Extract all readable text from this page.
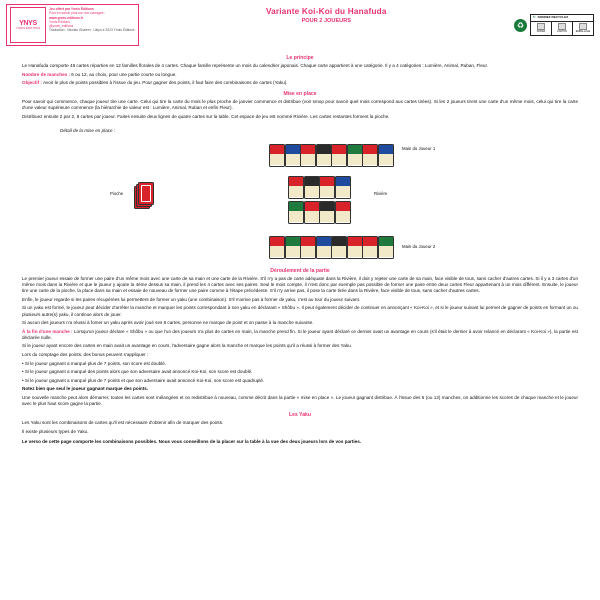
YNYS
YNNIS ÉDITIONS
Jeu offert par Ynnis Éditions
Pour en savoir plus sur nos ouvrages :
www.ynnis-editions.fr
Ynnis Éditions
@ynnis_editions
Traduction : Nicolas Ghalem · Ukiyo-e 2023 Ynnis Éditions
Variante Koi-Koi du Hanafuda
POUR 2 JOUEURS	♻
↻ DONNEZ RECYCLEZ
PAPIER	CARTON	EMBALLAGE
Le principe

Le Hanafuda comporte 48 cartes réparties en 12 familles florales de 4 cartes. Chaque famille représente un mois du calendrier japonais. Chaque carte appartient à une catégorie. Il y a 4 catégories : Lumière, Animal, Ruban, Fleur.

Nombre de manches : 6 ou 12, au choix, pour une partie courte ou longue.

Objectif : Avoir le plus de points possibles à l'issue du jeu. Pour gagner des points, il faut faire des combinaisons de cartes (Yaku).

Mise en place

Pour savoir qui commence, chaque joueur tire une carte. Celui qui tire la carte du mois le plus proche de janvier commence et distribue (voir smop pour savoir quel mois correspond aux cartes tirées). Si les 2 joueurs tirent une carte d'un même mois, celui qui tire la carte d'une valeur supérieure commence (la hiérarchie de valeur est : Lumière, Animal, Ruban et enfin Fleur).

Distribuez ensuite 2 par 2, 8 cartes par joueur. Faites ensuite deux lignes de quatre cartes sur la table. Cet espace de jeu est nommé Rivière. Les cartes restantes forment la pioche.

Détail de la mise en place :
Main du Joueur 1
Main du Joueur 2
Pioche	Rivière
Déroulement de la partie

Le premier joueur essaie de former une paire d'un même mois avec une carte de sa main et une carte de la Rivière. S'il n'y a pas de carte adéquate dans la Rivière, il doit y rejeter une carte de sa main, face visible de tous, sans cacher d'autres cartes. Si il y a 3 cartes d'un même mois dans la Rivière et que le joueur y ajoute la 4ème dessus sa main, il prend les 4 cartes avec ses paires. Seul le mois compte, il n'est donc par exemple pas possible de former une paire entre deux cartes Fleur appartenant à un mois différent. Ensuite, le joueur tire une carte de la pioche, la place dans sa main et essaie de nouveau de former une paire comme à l'étape précédente. S'il n'y arrive pas, il pose la carte tirée dans la Rivière, face visible de tous, sans cacher d'autres cartes.

Enfin, le joueur regarde si les paires récupérées lui permettent de former un yaku (une combinaison). S'il n'arrive pas à former de yaku, c'est au tour du joueur suivant.

Si un yaku est formé, le joueur peut décider d'arrêter la manche et marquer les points correspondant à son yaku en déclarant « Shôbu ». Il peut également décider de continuer en annonçant « Koi-Koi », et si le joueur suivant lui permet de gagner de points en formant un ou plusieurs autre(s) yaku, il continue alors de jouer.

Si aucun des joueurs n'a réussi à fomer un yaku après avoir joué ses 8 cartes, personne ne marque de point et on passe à la manche suivante.

À la fin d'une manche : Lorsqu'un joueur déclare « Shôbu » ou que l'un des joueurs n'a plus de cartes en main, la manche prend fin. Si le joueur ayant déclaré ce dernier avait un avantage en cours (s'il était le dernier à avoir relancé en déclarant « Koi-Koi »), la partie est déclarée nulle.

Si le joueur ayant encore des cartes en main avait un avantage en cours, l'adversaire gagne alors la manche et marque les points qu'il a réussi à former des Yaku.

Lors du comptage des points, des bonus peuvent s'appliquer :

• Si le joueur gagnant a marqué plus de 7 points, son score est doublé.

• Si le joueur gagnant a marqué des points alors que son adversaire avait annoncé Koi-Koi, son score est doublé.

• Si le joueur gagnant a marqué plus de 7 points et que son adversaire avait annoncé Koi-Koi, son score est quadruplé.

Notez bien que seul le joueur gagnant marque des points.

Une nouvelle manche peut alors démarrer, toutes les cartes sont mélangées et on redistribue à nouveau, comme décrit dans la partie « mise en place ». Le joueur gagnant distribue. À l'issue des 6 (ou 12) manches, on additionne les scores de chaque manche et le joueur avec le plus haut score gagne la partie.

Les Yaku

Les Yaku sont les combinaisons de cartes qu'il est nécessaire d'obtenir afin de marquer des points.

Il existe plusieurs types de Yaku.

Le verso de cette page comporte les combinaisons possibles. Nous vous conseillons de la placer sur la table à la vue des deux joueurs lors de vos parties.
